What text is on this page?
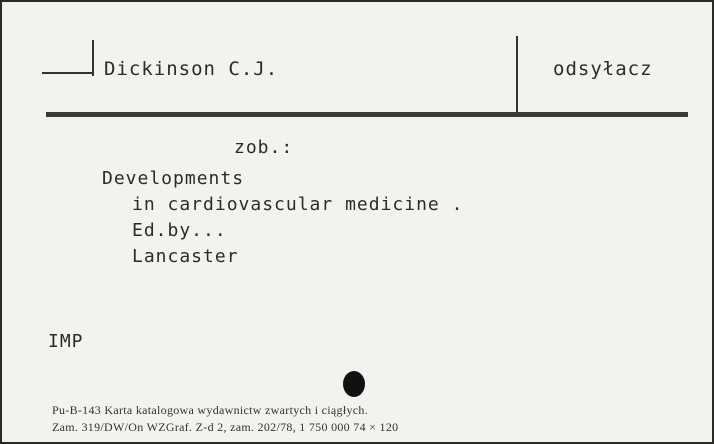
Dickinson C.J.	odsyłacz
zob.:
Developments
in cardiovascular medicine .
Ed.by...
Lancaster
IMP
Pu-B-143 Karta katalogowa wydawnictw zwartych i ciągłych.
Zam. 319/DW/On WZGraf. Z-d 2, zam. 202/78, 1 750 000 74 × 120
